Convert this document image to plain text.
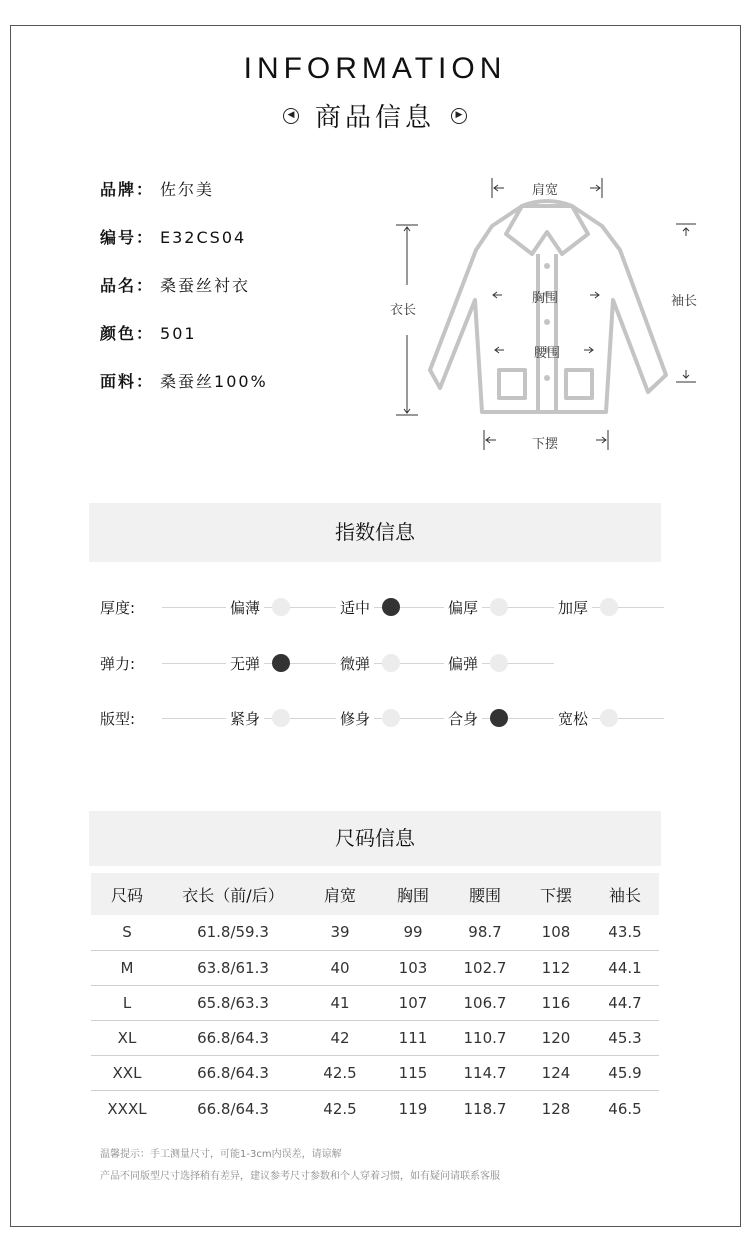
INFORMATION
◀ 商品信息	▶
品牌： 佐尔美
编号： E32CS04
品名： 桑蚕丝衬衣
颜色： 501
面料： 桑蚕丝100%
肩宽
衣长
胸围
腰围
下摆
袖长
指数信息
厚度:	偏薄	适中	偏厚	加厚
弹力:	无弹	微弹	偏弹
版型:	紧身	修身	合身	宽松
尺码信息
尺码	衣长（前/后）	肩宽	胸围	腰围	下摆	袖长
S	61.8/59.3	39	99	98.7	108	43.5
M	63.8/61.3	40	103	102.7	112	44.1
L	65.8/63.3	41	107	106.7	116	44.7
XL	66.8/64.3	42	111	110.7	120	45.3
XXL	66.8/64.3	42.5	115	114.7	124	45.9
XXXL	66.8/64.3	42.5	119	118.7	128	46.5
温馨提示：手工测量尺寸，可能1-3cm内误差，请谅解
产品不同版型尺寸选择稍有差异，建议参考尺寸参数和个人穿着习惯，如有疑问请联系客服
